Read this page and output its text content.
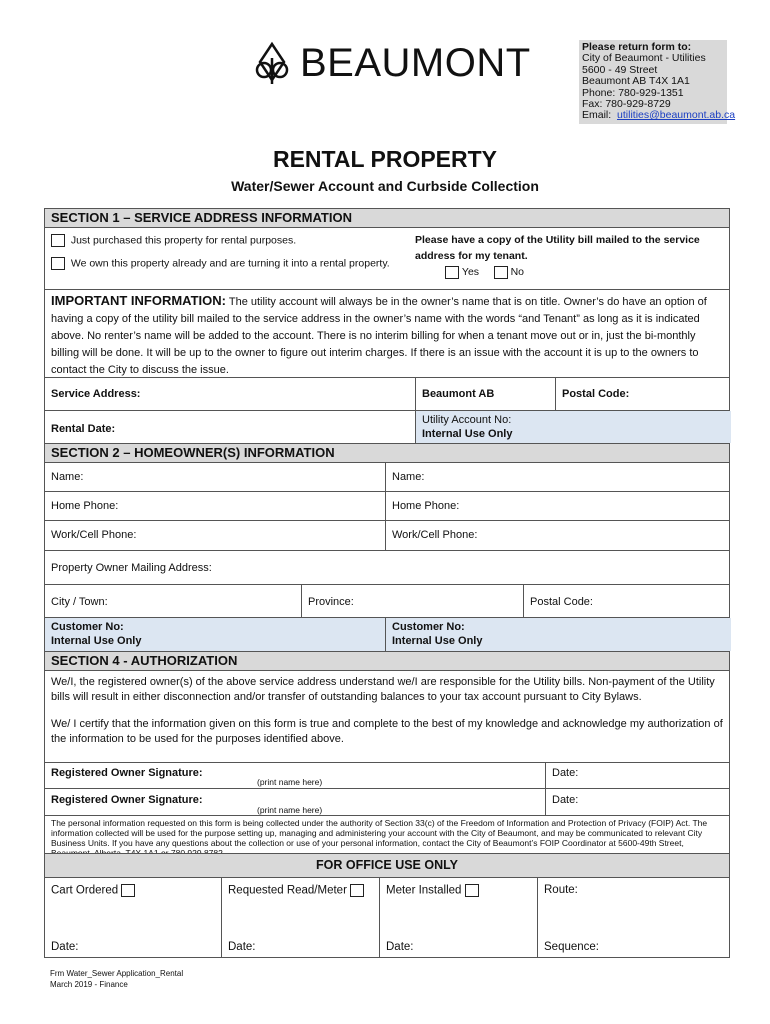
BEAUMONT	Please return form to:
City of Beaumont - Utilities
5600 - 49 Street
Beaumont AB T4X 1A1
Phone: 780-929-1351
Fax: 780-929-8729
Email: utilities@beaumont.ab.ca
RENTAL PROPERTY
Water/Sewer Account and Curbside Collection
SECTION 1 – SERVICE ADDRESS INFORMATION
Just purchased this property for rental purposes.
We own this property already and are turning it into a rental property.
Please have a copy of the Utility bill mailed to the service address for my tenant.
Yes	No
IMPORTANT INFORMATION: The utility account will always be in the owner’s name that is on title. Owner’s do have an option of having a copy of the utility bill mailed to the service address in the owner’s name with the words “and Tenant” as long as it is indicated above. No renter’s name will be added to the account. There is no interim billing for when a tenant move out or in, just the bi-monthly billing will be done. It will be up to the owner to figure out interim charges. If there is an issue with the account it is up to the owners to contact the City to discuss the issue.
Service Address:	Beaumont AB	Postal Code:
Rental Date:
Utility Account No:
Internal Use Only
SECTION 2 – HOMEOWNER(S) INFORMATION
Name:	Name:
Home Phone:	Home Phone:
Work/Cell Phone:	Work/Cell Phone:
Property Owner Mailing Address:
City / Town:	Province:	Postal Code:
Customer No:
Internal Use Only
Customer No:
Internal Use Only
SECTION 4 - AUTHORIZATION
We/I, the registered owner(s) of the above service address understand we/I are responsible for the Utility bills. Non-payment of the Utility bills will result in either disconnection and/or transfer of outstanding balances to your tax account pursuant to City Bylaws.
We/ I certify that the information given on this form is true and complete to the best of my knowledge and acknowledge my authorization of the information to be used for the purposes identified above.
Registered Owner Signature:
(print name here)
Date:
Registered Owner Signature:
(print name here)
Date:
The personal information requested on this form is being collected under the authority of Section 33(c) of the Freedom of Information and Protection of Privacy (FOIP) Act. The information collected will be used for the purpose setting up, managing and administering your account with the City of Beaumont, and may be communicated to relevant City Business Units. If you have any questions about the collection or use of your personal information, contact the City of Beaumont’s FOIP Coordinator at 5600-49th Street,
FOR OFFICE USE ONLY
Cart Ordered
Date:
Requested Read/Meter
Date:
Meter Installed
Date:
Route:
Sequence:
Frm Water_Sewer Application_Rental
March 2019 - Finance
